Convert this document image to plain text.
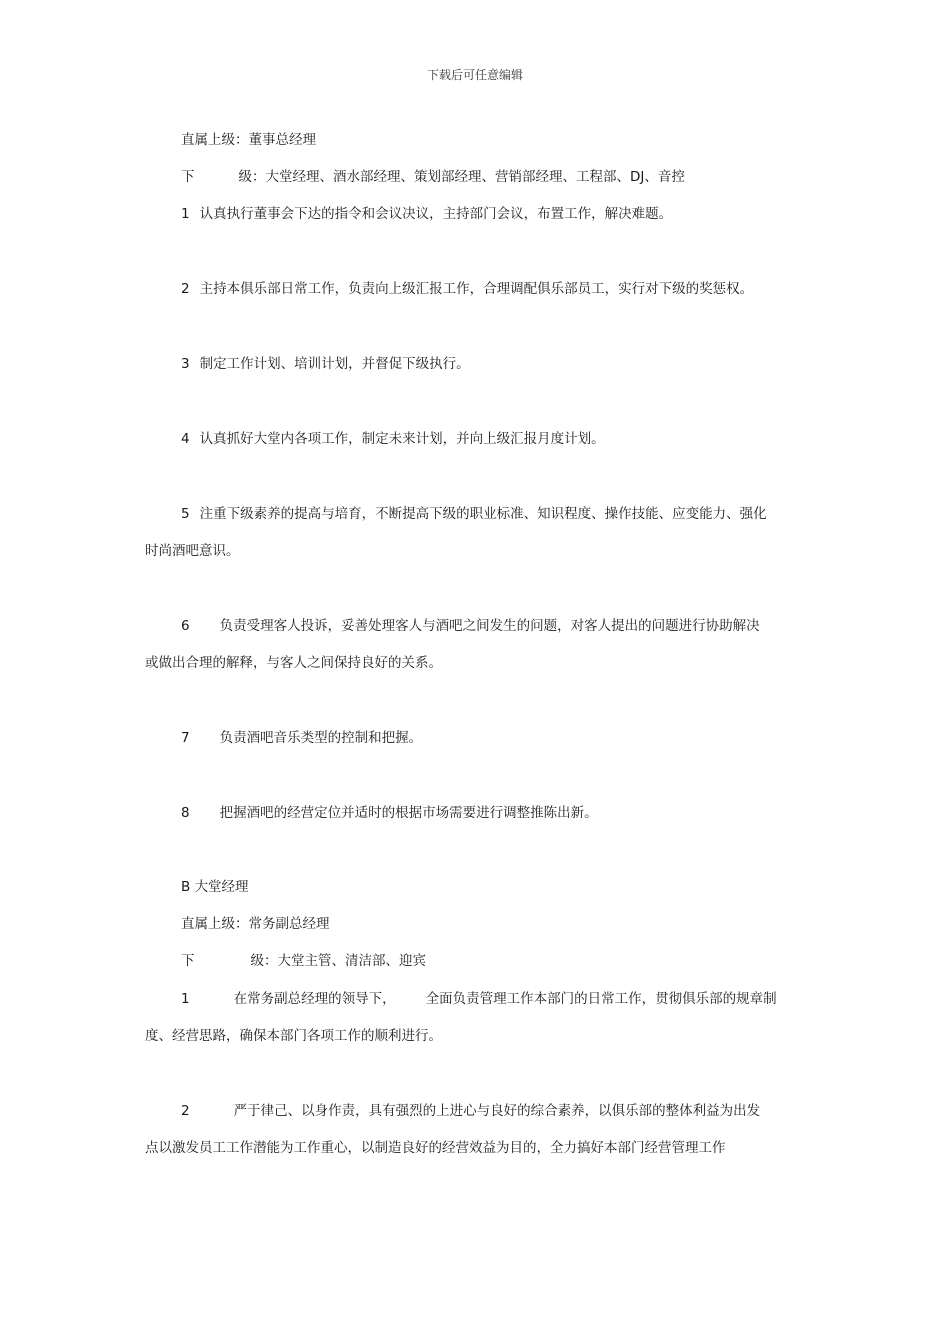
下载后可任意编辑
直属上级：董事总经理
下	级：大堂经理、酒水部经理、策划部经理、营销部经理、工程部、DJ、音控
1 认真执行董事会下达的指令和会议决议，主持部门会议，布置工作，解决难题。
2 主持本俱乐部日常工作，负责向上级汇报工作，合理调配俱乐部员工，实行对下级的奖惩权。
3 制定工作计划、培训计划，并督促下级执行。
4 认真抓好大堂内各项工作，制定未来计划，并向上级汇报月度计划。
5 注重下级素养的提高与培育，不断提高下级的职业标准、知识程度、操作技能、应变能力、强化
时尚酒吧意识。
6 负责受理客人投诉，妥善处理客人与酒吧之间发生的问题，对客人提出的问题进行协助解决
或做出合理的解释，与客人之间保持良好的关系。
7 负责酒吧音乐类型的控制和把握。
8 把握酒吧的经营定位并适时的根据市场需要进行调整推陈出新。
B 大堂经理
直属上级：常务副总经理
下	级：大堂主管、清洁部、迎宾
1	在常务副总经理的领导下， 全面负责管理工作本部门的日常工作，贯彻俱乐部的规章制
度、经营思路，确保本部门各项工作的顺利进行。
2	严于律己、以身作责，具有强烈的上进心与良好的综合素养，以俱乐部的整体利益为出发
点以激发员工工作潜能为工作重心，以制造良好的经营效益为目的，全力搞好本部门经营管理工作
